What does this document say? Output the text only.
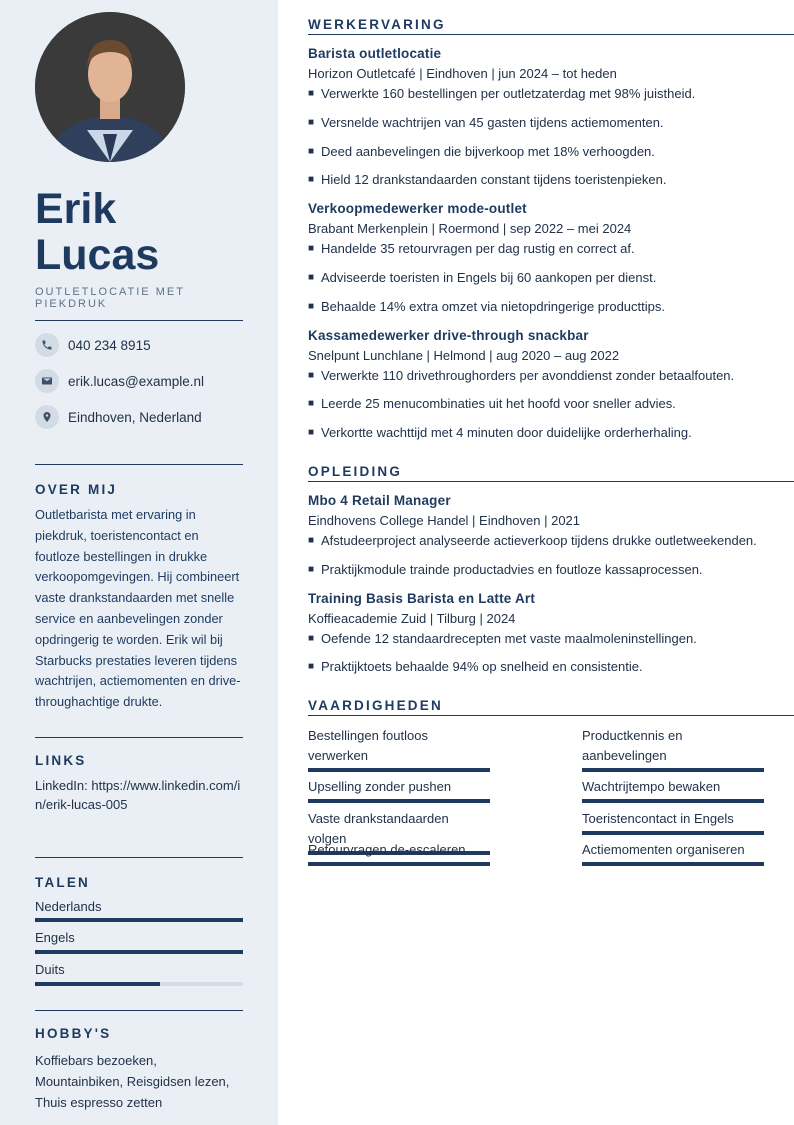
Erik
Lucas
OUTLETLOCATIE MET PIEKDRUK
040 234 8915
erik.lucas@example.nl
Eindhoven, Nederland
OVER MIJ
Outletbarista met ervaring in piekdruk, toeristencontact en foutloze bestellingen in drukke verkoopomgevingen. Hij combineert vaste drankstandaarden met snelle service en aanbevelingen zonder opdringerig te worden. Erik wil bij Starbucks prestaties leveren tijdens wachtrijen, actiemomenten en drive-throughachtige drukte.
LINKS
LinkedIn: https://www.linkedin.com/in/erik-lucas-005
TALEN
Nederlands
Engels
Duits
HOBBY'S
Koffiebars bezoeken, Mountainbiken, Reisgidsen lezen, Thuis espresso zetten
WERKERVARING
Barista outletlocatie
Horizon Outletcafé | Eindhoven | jun 2024 – tot heden
■ Verwerkte 160 bestellingen per outletzaterdag met 98% juistheid.
■ Versnelde wachtrijen van 45 gasten tijdens actiemomenten.
■ Deed aanbevelingen die bijverkoop met 18% verhoogden.
■ Hield 12 drankstandaarden constant tijdens toeristenpieken.
Verkoopmedewerker mode-outlet
Brabant Merkenplein | Roermond | sep 2022 – mei 2024
■ Handelde 35 retourvragen per dag rustig en correct af.
■ Adviseerde toeristen in Engels bij 60 aankopen per dienst.
■ Behaalde 14% extra omzet via nietopdringerige producttips.
Kassamedewerker drive-through snackbar
Snelpunt Lunchlane | Helmond | aug 2020 – aug 2022
■ Verwerkte 110 drivethroughorders per avonddienst zonder betaalfouten.
■ Leerde 25 menucombinaties uit het hoofd voor sneller advies.
■ Verkortte wachttijd met 4 minuten door duidelijke orderherhaling.
OPLEIDING
Mbo 4 Retail Manager
Eindhovens College Handel | Eindhoven | 2021
■ Afstudeerproject analyseerde actieverkoop tijdens drukke outletweekenden.
■ Praktijkmodule trainde productadvies en foutloze kassaprocessen.
Training Basis Barista en Latte Art
Koffieacademie Zuid | Tilburg | 2024
■ Oefende 12 standaardrecepten met vaste maalmoleninstellingen.
■ Praktijktoets behaalde 94% op snelheid en consistentie.
VAARDIGHEDEN
Bestellingen foutloos verwerken
Productkennis en aanbevelingen
Upselling zonder pushen	Wachtrijtempo bewaken
Vaste drankstandaarden volgen
Toeristencontact in Engels
Retourvragen de-escaleren	Actiemomenten organiseren
